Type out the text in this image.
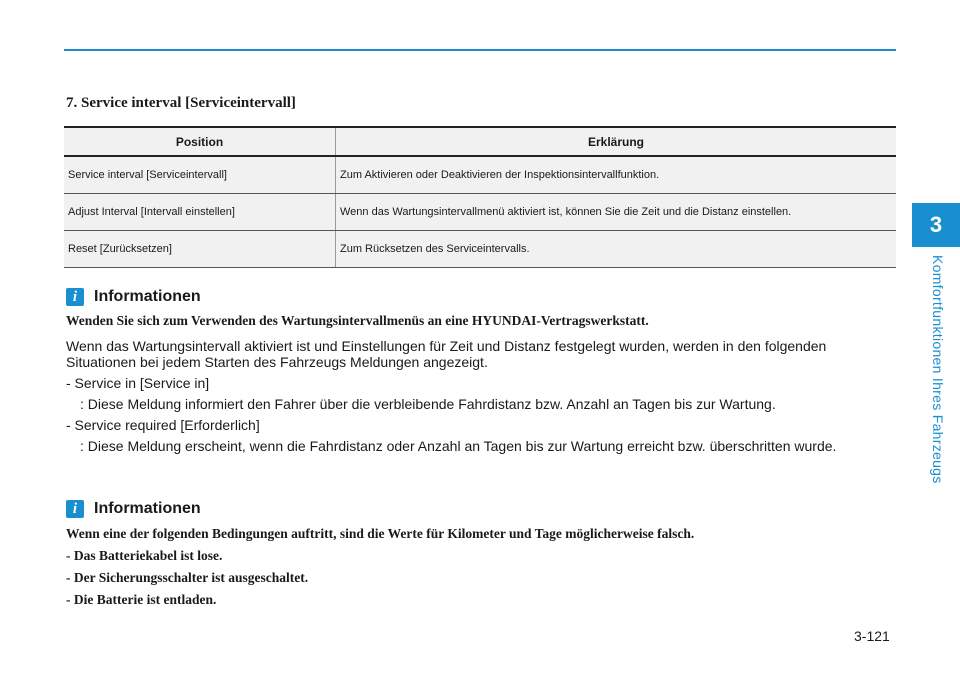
3
Komfortfunktionen Ihres Fahrzeugs
7. Service interval [Serviceintervall]
Position	Erklärung
Service interval [Serviceintervall]	Zum Aktivieren oder Deaktivieren der Inspektionsintervallfunktion.
Adjust Interval [Intervall einstellen]	Wenn das Wartungsintervallmenü aktiviert ist, können Sie die Zeit und die Distanz einstellen.
Reset [Zurücksetzen]	Zum Rücksetzen des Serviceintervalls.
i	Informationen

Wenden Sie sich zum Verwenden des Wartungsintervallmenüs an eine HYUNDAI-Vertragswerkstatt.

Wenn das Wartungsintervall aktiviert ist und Einstellungen für Zeit und Distanz festgelegt wurden, werden in den folgenden Situationen bei jedem Starten des Fahrzeugs Meldungen angezeigt.

- Service in [Service in]

: Diese Meldung informiert den Fahrer über die verbleibende Fahrdistanz bzw. Anzahl an Tagen bis zur Wartung.

- Service required [Erforderlich]

: Diese Meldung erscheint, wenn die Fahrdistanz oder Anzahl an Tagen bis zur Wartung erreicht bzw. überschritten wurde.

i	Informationen

Wenn eine der folgenden Bedingungen auftritt, sind die Werte für Kilometer und Tage möglicherweise falsch.

- Das Batteriekabel ist lose.

- Der Sicherungsschalter ist ausgeschaltet.

- Die Batterie ist entladen.

3-121
